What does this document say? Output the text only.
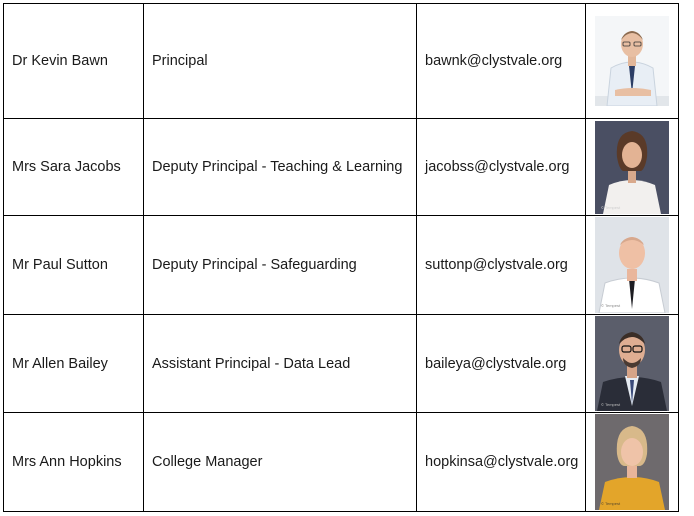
Dr Kevin Bawn	Principal	bawnk@clystvale.org	

Mrs Sara Jacobs	Deputy Principal - Teaching & Learning	jacobss@clystvale.org	© Tempest

Mr Paul Sutton	Deputy Principal - Safeguarding	suttonp@clystvale.org	© Tempest

Mr Allen Bailey	Assistant Principal - Data Lead	baileya@clystvale.org	© Tempest

Mrs Ann Hopkins	College Manager	hopkinsa@clystvale.org	© Tempest
